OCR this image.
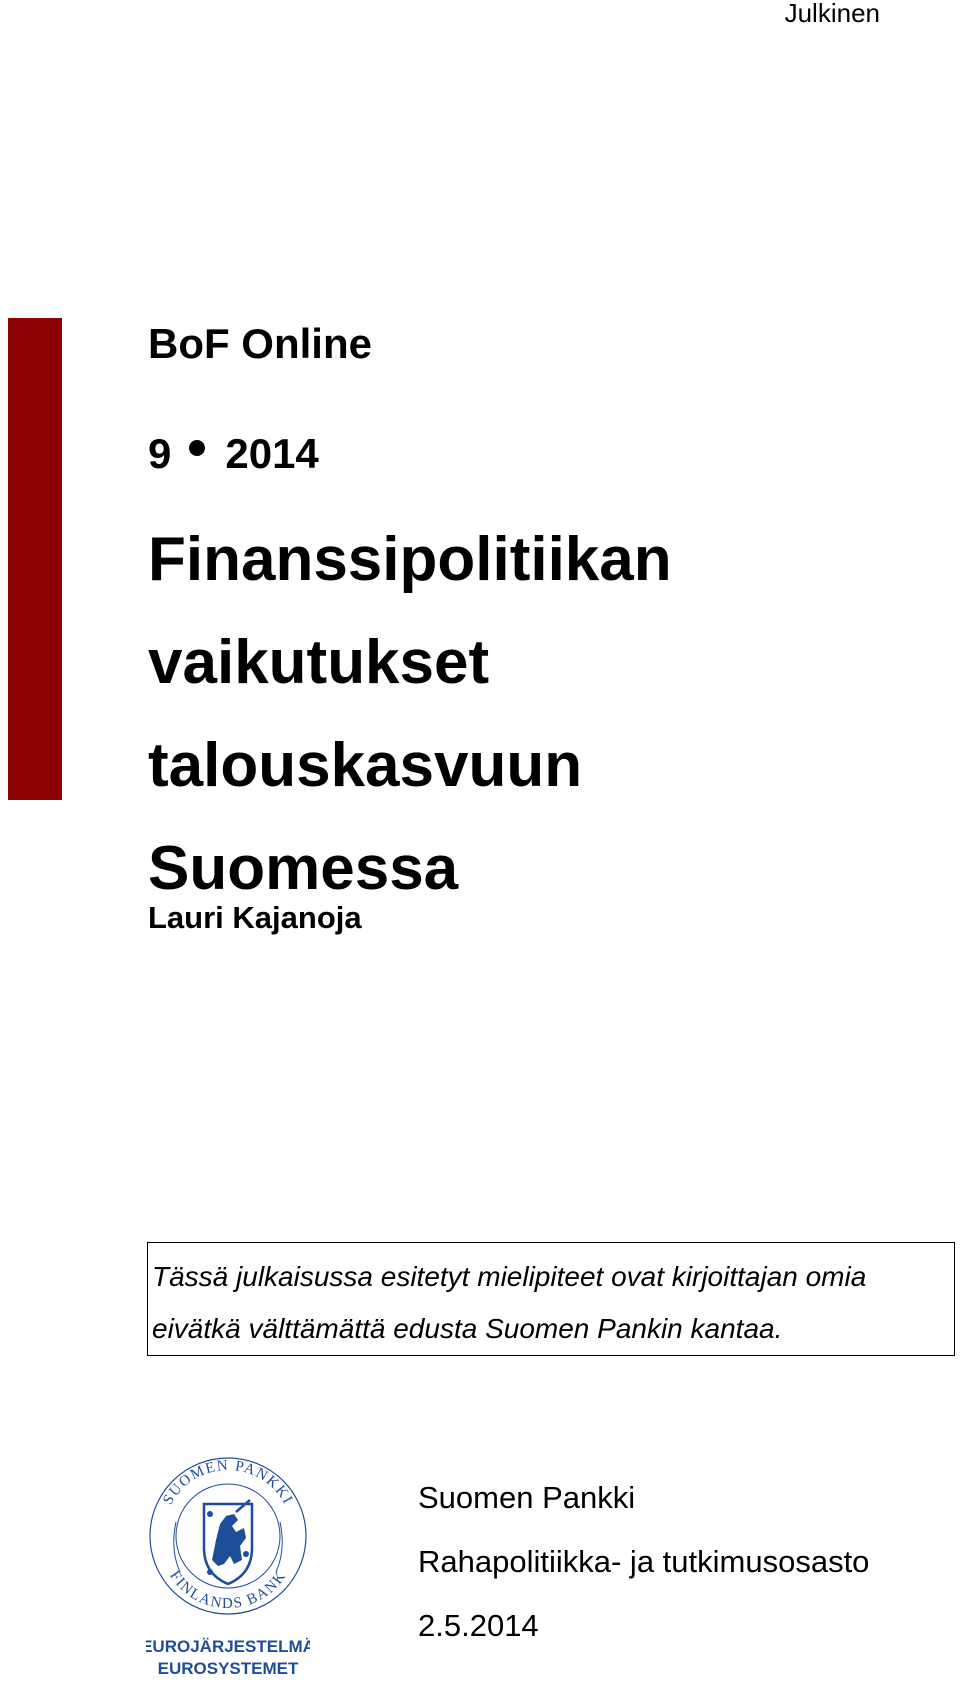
Julkinen
BoF Online
9 2014
Finanssipolitiikan
vaikutukset talouskasvuun
Suomessa
Lauri Kajanoja
Tässä julkaisussa esitetyt mielipiteet ovat kirjoittajan omia
eivätkä välttämättä edusta Suomen Pankin kantaa.
SUOMEN PANKKI
FINLANDS BANK
EUROJÄRJESTELMÄ
EUROSYSTEMET
Suomen Pankki
Rahapolitiikka- ja tutkimusosasto
2.5.2014
